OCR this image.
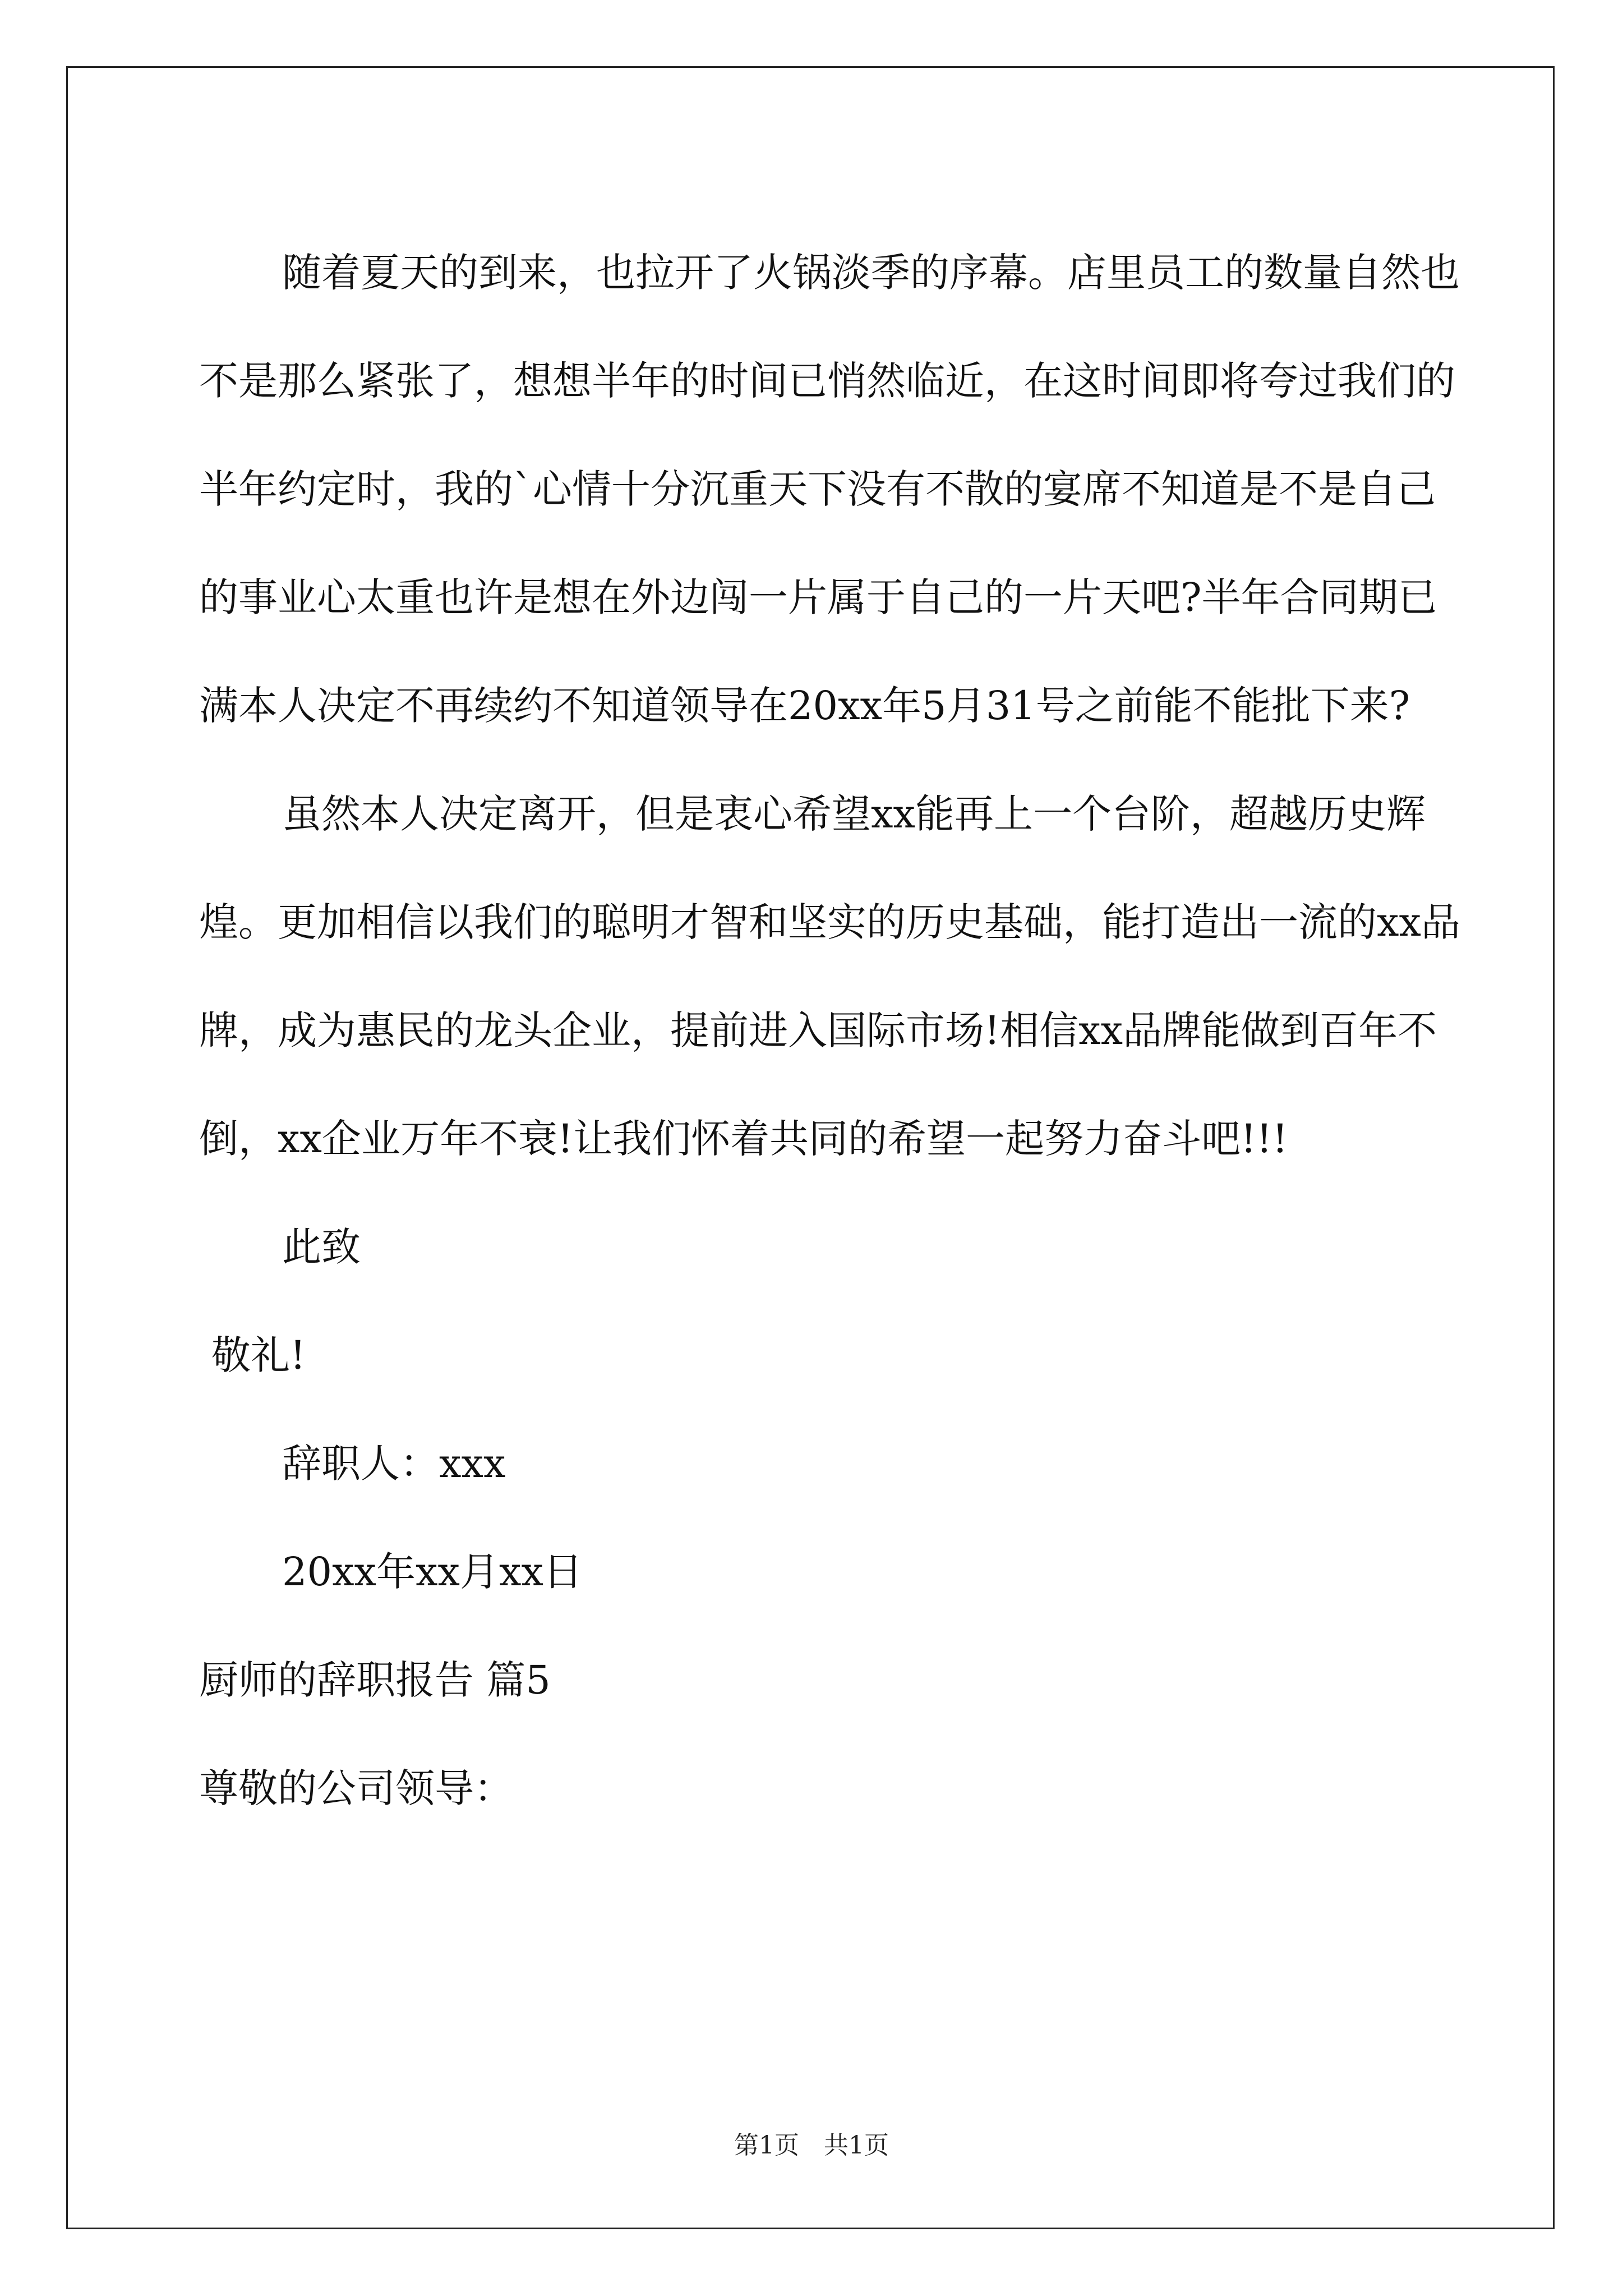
随着夏天的到来，也拉开了火锅淡季的序幕。店里员工的数量自然也不是那么紧张了，想想半年的时间已悄然临近，在这时间即将夸过我们的半年约定时，我的`心情十分沉重天下没有不散的宴席不知道是不是自己的事业心太重也许是想在外边闯一片属于自己的一片天吧?半年合同期已满本人决定不再续约不知道领导在20xx年5月31号之前能不能批下来?

虽然本人决定离开，但是衷心希望xx能再上一个台阶，超越历史辉煌。更加相信以我们的聪明才智和坚实的历史基础，能打造出一流的xx品牌，成为惠民的龙头企业，提前进入国际市场!相信xx品牌能做到百年不倒，xx企业万年不衰!让我们怀着共同的希望一起努力奋斗吧!!!

此致

敬礼!

辞职人：xxx

20xx年xx月xx日

厨师的辞职报告 篇5

尊敬的公司领导：

第1页　共1页
